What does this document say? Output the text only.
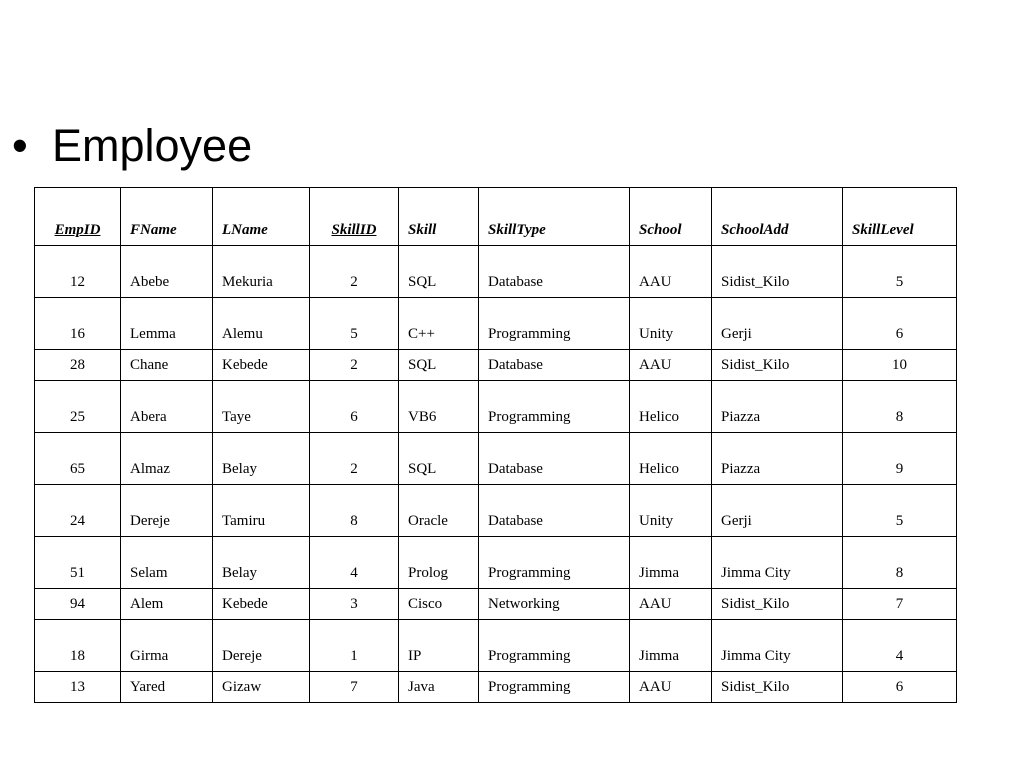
• Employee
EmpID	FName	LName	SkillID	Skill	SkillType	School	SchoolAdd	SkillLevel
12	Abebe	Mekuria	2	SQL	Database	AAU	Sidist_Kilo	5
16	Lemma	Alemu	5	C++	Programming	Unity	Gerji	6
28	Chane	Kebede	2	SQL	Database	AAU	Sidist_Kilo	10
25	Abera	Taye	6	VB6	Programming	Helico	Piazza	8
65	Almaz	Belay	2	SQL	Database	Helico	Piazza	9
24	Dereje	Tamiru	8	Oracle	Database	Unity	Gerji	5
51	Selam	Belay	4	Prolog	Programming	Jimma	Jimma City	8
94	Alem	Kebede	3	Cisco	Networking	AAU	Sidist_Kilo	7
18	Girma	Dereje	1	IP	Programming	Jimma	Jimma City	4
13	Yared	Gizaw	7	Java	Programming	AAU	Sidist_Kilo	6
